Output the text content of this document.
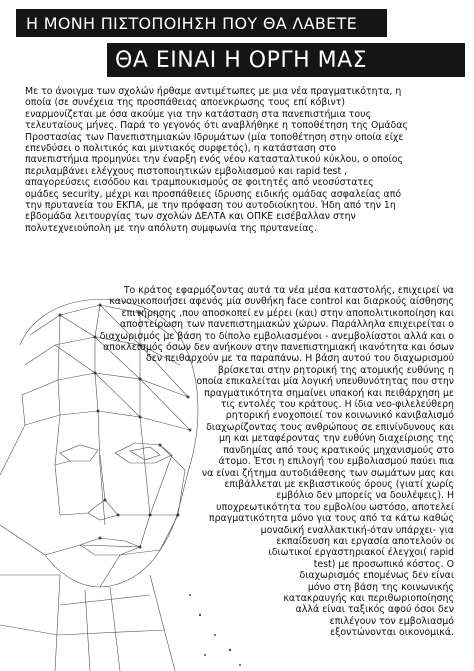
Η ΜΟΝΗ ΠΙΣΤΟΠΟΙΗΣΗ ΠΟΥ ΘΑ ΛΑΒΕΤΕ
ΘΑ ΕΙΝΑΙ Η ΟΡΓΗ ΜΑΣ
Με το άνοιγμα των σχολών ήρθαμε αντιμέτωπες με μια νέα πραγματικότητα, η
οποία (σε συνέχεια της προσπάθειας αποενκρωσης τους επί κόβιντ)
εναρμονίζεται με όσα ακούμε για την κατάσταση στα πανεπιστήμια τους
τελευταίους μήνες. Παρά το γεγονός ότι αναβλήθηκε η τοποθέτηση της Ομάδας
Προστασίας των Πανεπιστημιακών Ιδρυμάτων (μία τοποθέτηση στην οποία είχε
επενδύσει ο πολιτικός και μιντιακός συρφετός), η κατάσταση στο
πανεπιστήμια προμηνύει την έναρξη ενός νέου κατασταλτικού κύκλου, ο οποίος
περιλαμβάνει ελέγχους πιστοποιητικών εμβολιασμού και rapid test ,
απαγορεύσεις εισόδου και τραμπουκισμούς σε φοιτητές από νεοσύστατες
ομάδες security, μέχρι και προσπάθειες ίδρυσης ειδικής ομάδας ασφαλείας από
την πρυτανεία του ΕΚΠΑ, με την πρόφαση του αυτοδιοίκητου. Ήδη από την 1η
εβδομάδα λειτουργίας των σχολών ΔΕΛΤΑ και ΟΠΚΕ εισέβαλλαν στην
πολυτεχνειούπολη με την απόλυτη συμφωνία της πρυτανείας.
Το κράτος εφαρμόζοντας αυτά τα νέα μέσα καταστολής, επιχειρεί να
κανονικοποιήσει αφενός μία συνθήκη face control και διαρκούς αίσθησης
επιτήρησης ,που αποσκοπεί εν μέρει (και) στην αποπολιτικοποίηση και
αποστείρωση των πανεπιστημιακών χώρων. Παράλληλα επιχειρείται ο
διαχωρισμός με βάση το δίπολο εμβολιασμένοι - ανεμβολίαστοι αλλά και ο
αποκλεισμός όσων δεν ανήκουν στην πανεπιστημιακή ικανότητα και όσων
δεν πειθαρχούν με τα παραπάνω. Η βάση αυτού του διαχωρισμού
βρίσκεται στην ρητορική της ατομικής ευθύνης η
οποία επικαλείται μία λογική υπευθυνότητας που στην
πραγματικότητα σημαίνει υπακοή και πειθάρχηση με
τις εντολές του κράτους. Η ίδια νεο-φιλελεύθερη
ρητορική ενοχοποιεί τον κοινωνικό κανιβαλισμό
διαχωρίζοντας τους ανθρώπους σε επινίνδυνους και
μη και μεταφέροντας την ευθύνη διαχείρισης της
πανδημίας από τους κρατικούς μηχανισμούς στο
άτομο. Έτσι η επιλογή του εμβολιασμού παύει πια
να είναι ζήτημα αυτοδιάθεσης των σωμάτων μας και
επιβάλλεται με εκβιαστικούς όρους (γιατί χωρίς
εμβόλιο δεν μπορείς να δουλέψεις). Η
υποχρεωτικότητα του εμβολίου ωστόσο, αποτελεί
πραγματικότητα μόνο για τους από τα κάτω καθώς
μοναδική εναλλακτική-όταν υπάρχει- για
εκπαίδευση και εργασία αποτελούν οι
ιδιωτικοί εργαστηριακοί έλεγχοι( rapid
test) με προσωπικό κόστος. Ο
διαχωρισμός επομένως δεν είναι
μόνο στη βάση της κοινωνικής
κατακραυγής και περιθωριοποίησης
αλλά είναι ταξικός αφού όσοι δεν
επιλέγουν τον εμβολιασμό
εξοντώνονται οικονομικά.
